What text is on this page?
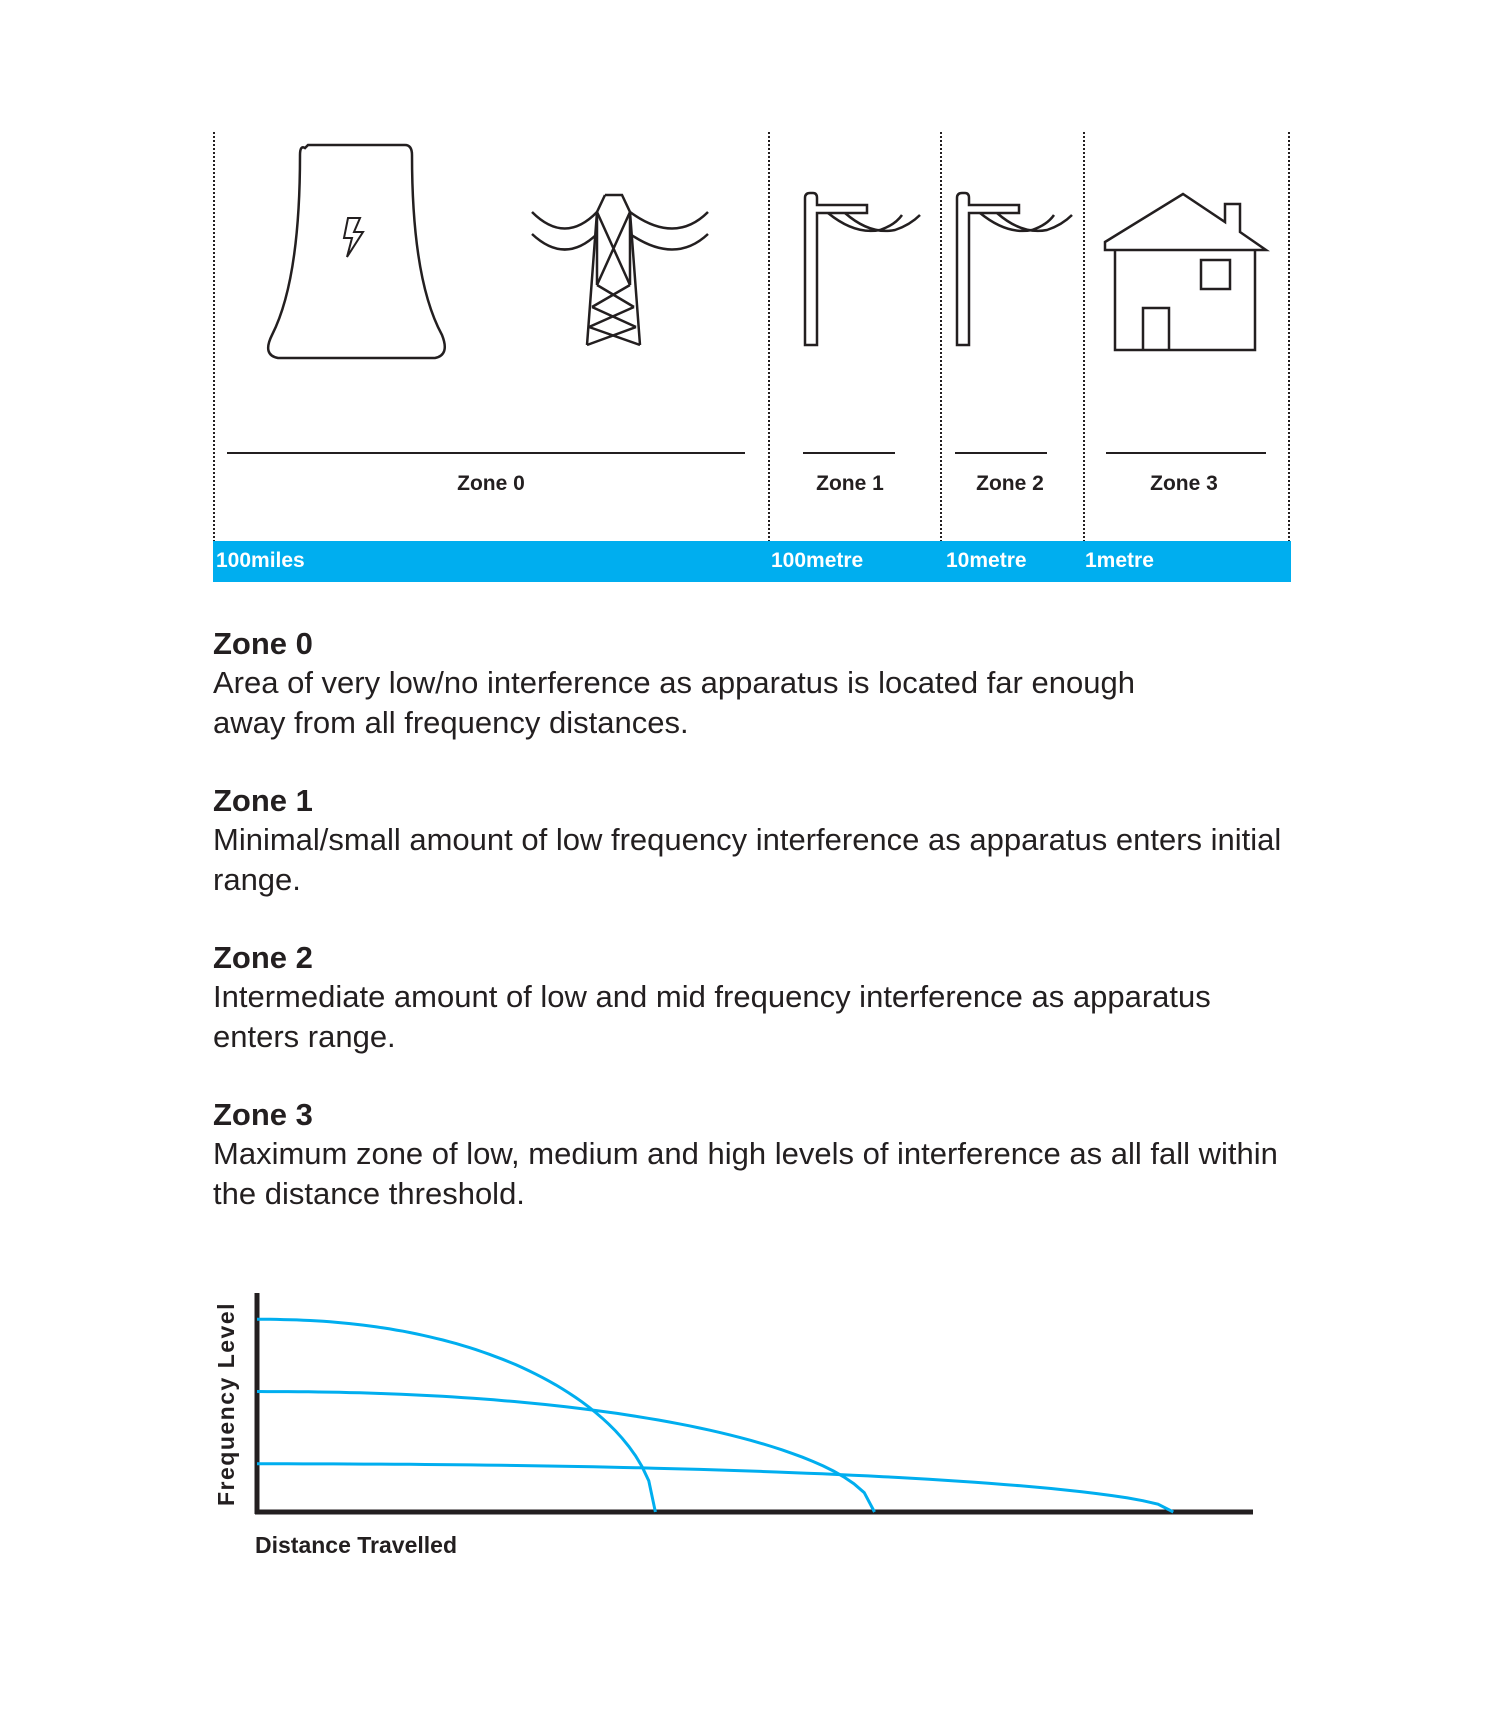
Zone 0	Zone 1	Zone 2	Zone 3
100miles	100metre	10metre	1metre
Zone 0

Area of very low/no interference as apparatus is located far enough away from all frequency distances.

Zone 1

Minimal/small amount of low frequency interference as apparatus enters initial range.

Zone 2

Intermediate amount of low and mid frequency interference as apparatus enters range.

Zone 3

Maximum zone of low, medium and high levels of interference as all fall within the distance threshold.

Frequency Level
Distance Travelled
